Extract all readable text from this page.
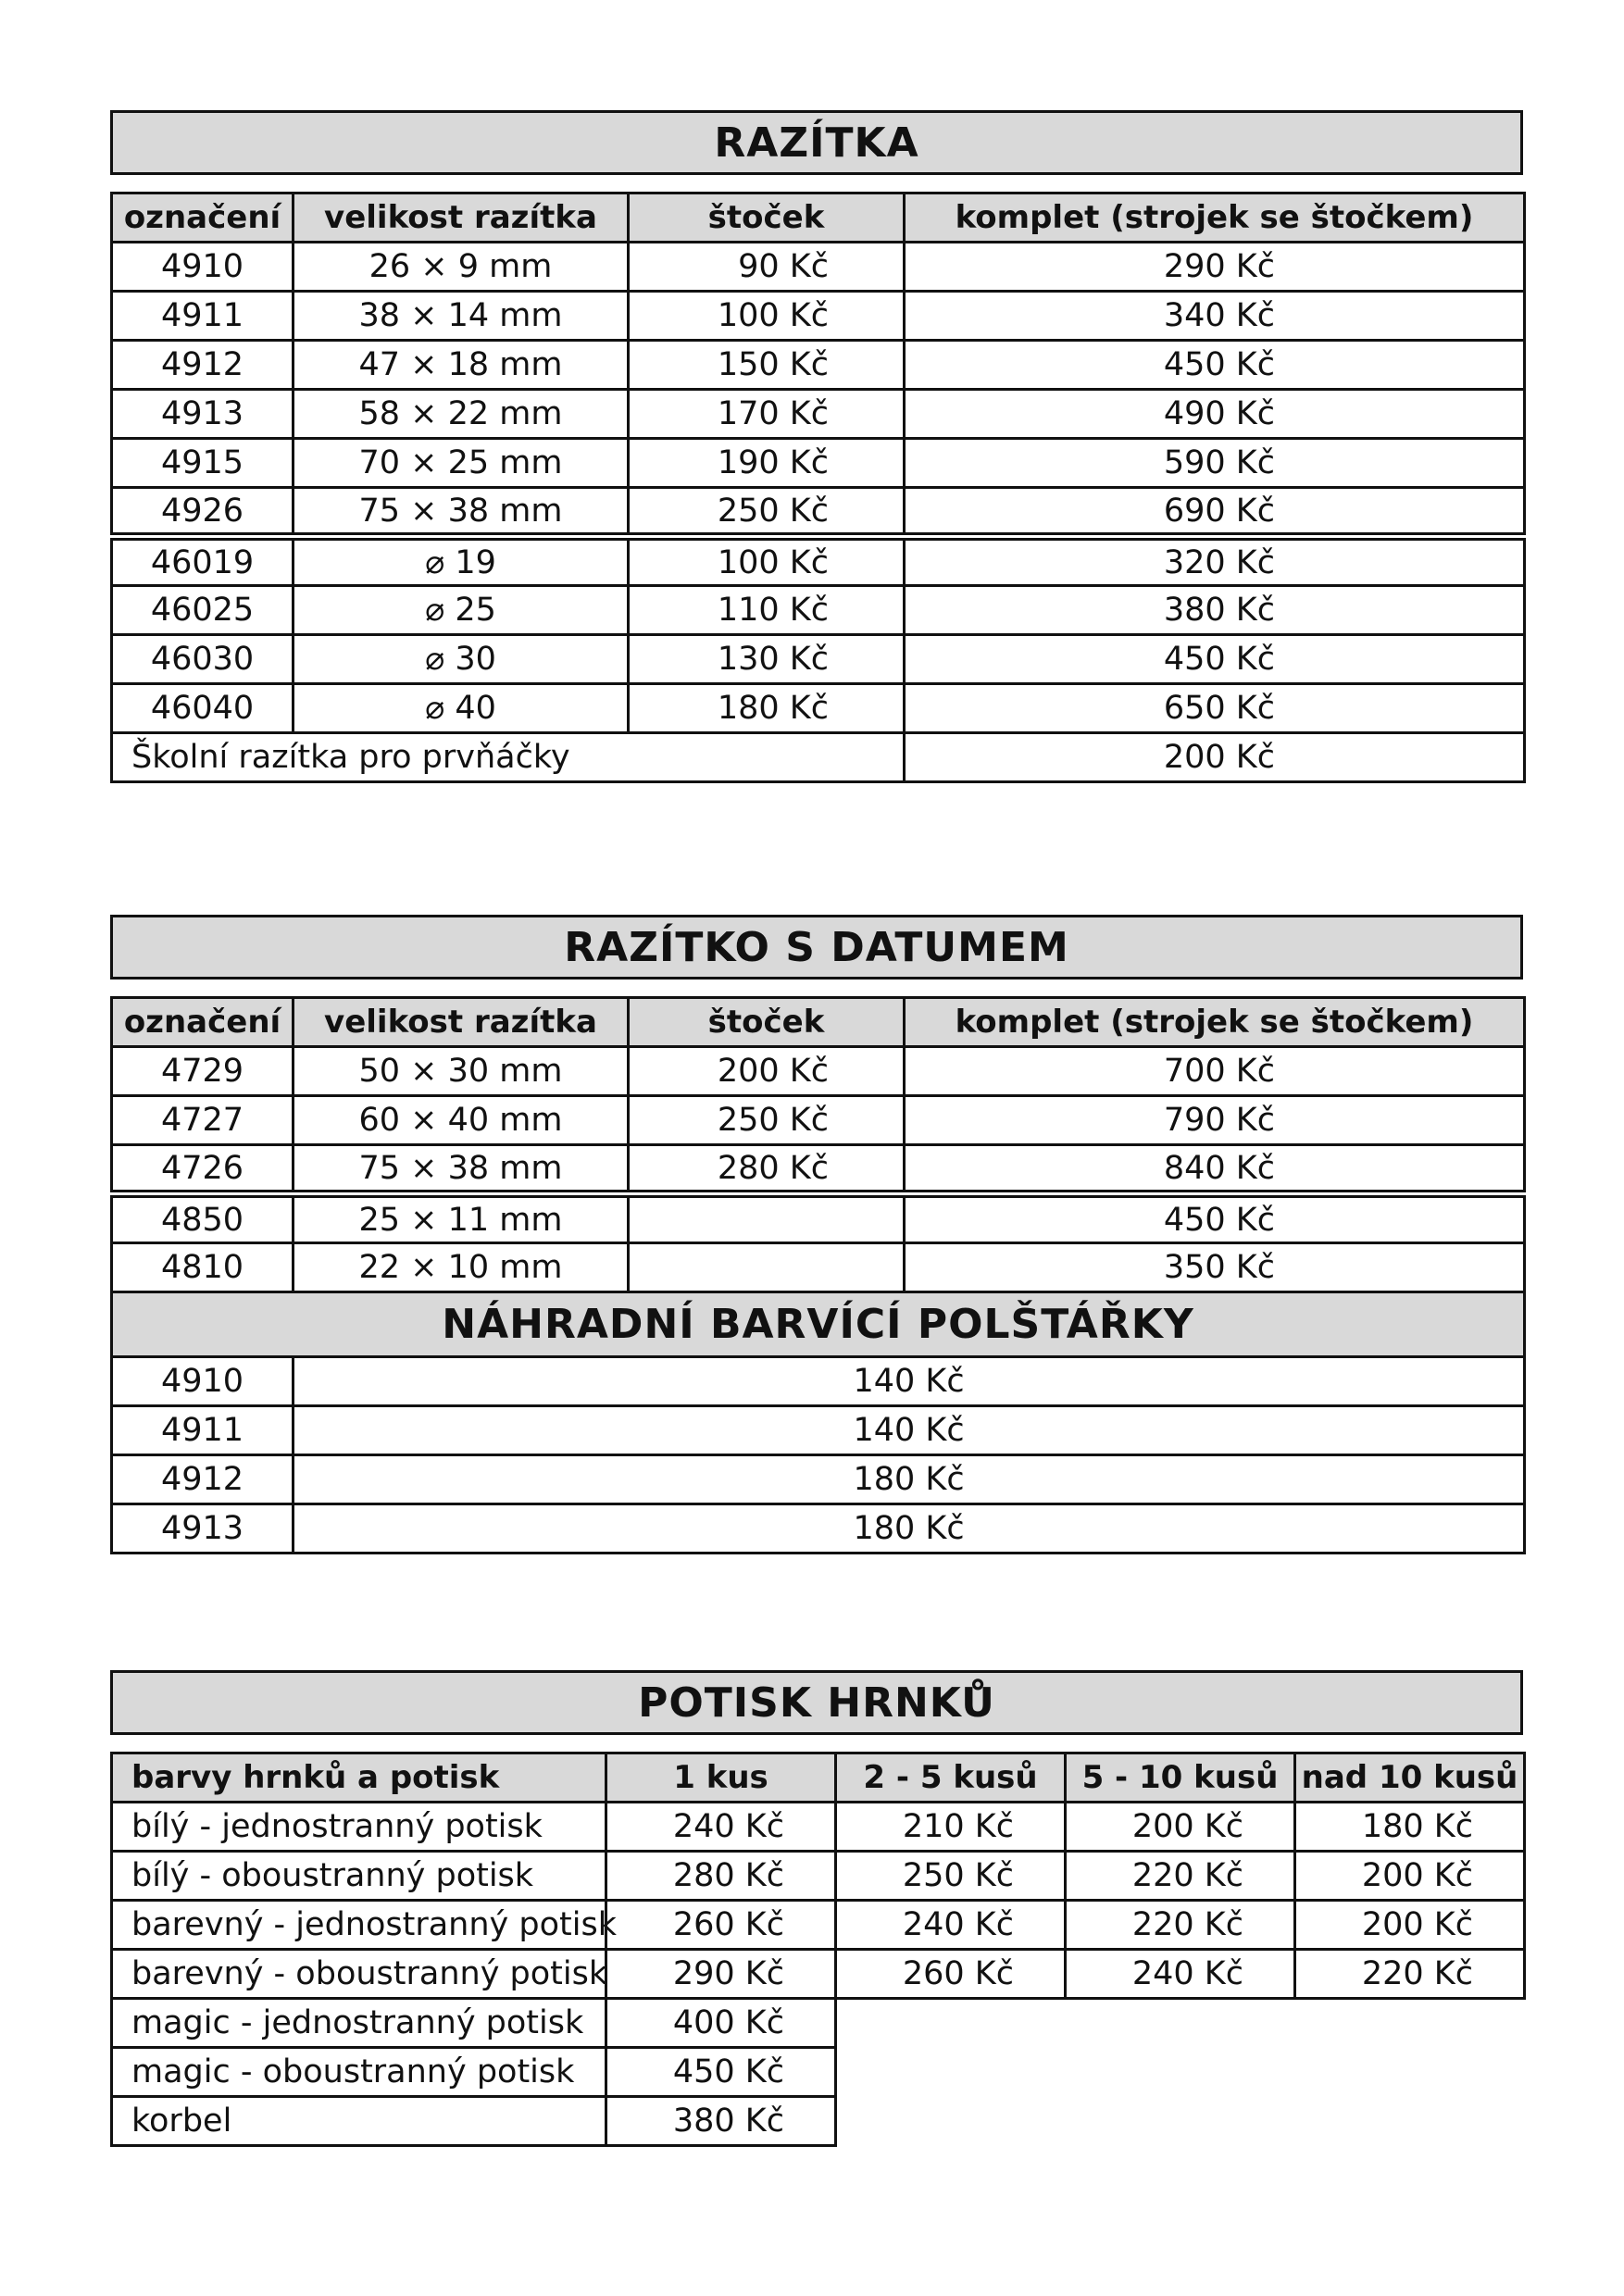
RAZÍTKA
označení	velikost razítka	štoček	komplet (strojek se štočkem)
4910	26 × 9 mm	90 Kč	290 Kč
4911	38 × 14 mm	100 Kč	340 Kč
4912	47 × 18 mm	150 Kč	450 Kč
4913	58 × 22 mm	170 Kč	490 Kč
4915	70 × 25 mm	190 Kč	590 Kč
4926	75 × 38 mm	250 Kč	690 Kč
46019	⌀ 19	100 Kč	320 Kč
46025	⌀ 25	110 Kč	380 Kč
46030	⌀ 30	130 Kč	450 Kč
46040	⌀ 40	180 Kč	650 Kč
Školní razítka pro prvňáčky			200 Kč
RAZÍTKO S DATUMEM
označení	velikost razítka	štoček	komplet (strojek se štočkem)
4729	50 × 30 mm	200 Kč	700 Kč
4727	60 × 40 mm	250 Kč	790 Kč
4726	75 × 38 mm	280 Kč	840 Kč
4850	25 × 11 mm		450 Kč
4810	22 × 10 mm		350 Kč
NÁHRADNÍ BARVÍCÍ POLŠTÁŘKY			
4910	140 Kč		
4911	140 Kč		
4912	180 Kč		
4913	180 Kč		
POTISK HRNKŮ
barvy hrnků a potisk	1 kus	2 - 5 kusů	5 - 10 kusů	nad 10 kusů
bílý - jednostranný potisk	240 Kč	210 Kč	200 Kč	180 Kč
bílý - oboustranný potisk	280 Kč	250 Kč	220 Kč	200 Kč
barevný - jednostranný potisk	260 Kč	240 Kč	220 Kč	200 Kč
barevný - oboustranný potisk	290 Kč	260 Kč	240 Kč	220 Kč
magic - jednostranný potisk	400 Kč			
magic - oboustranný potisk	450 Kč			
korbel	380 Kč			
